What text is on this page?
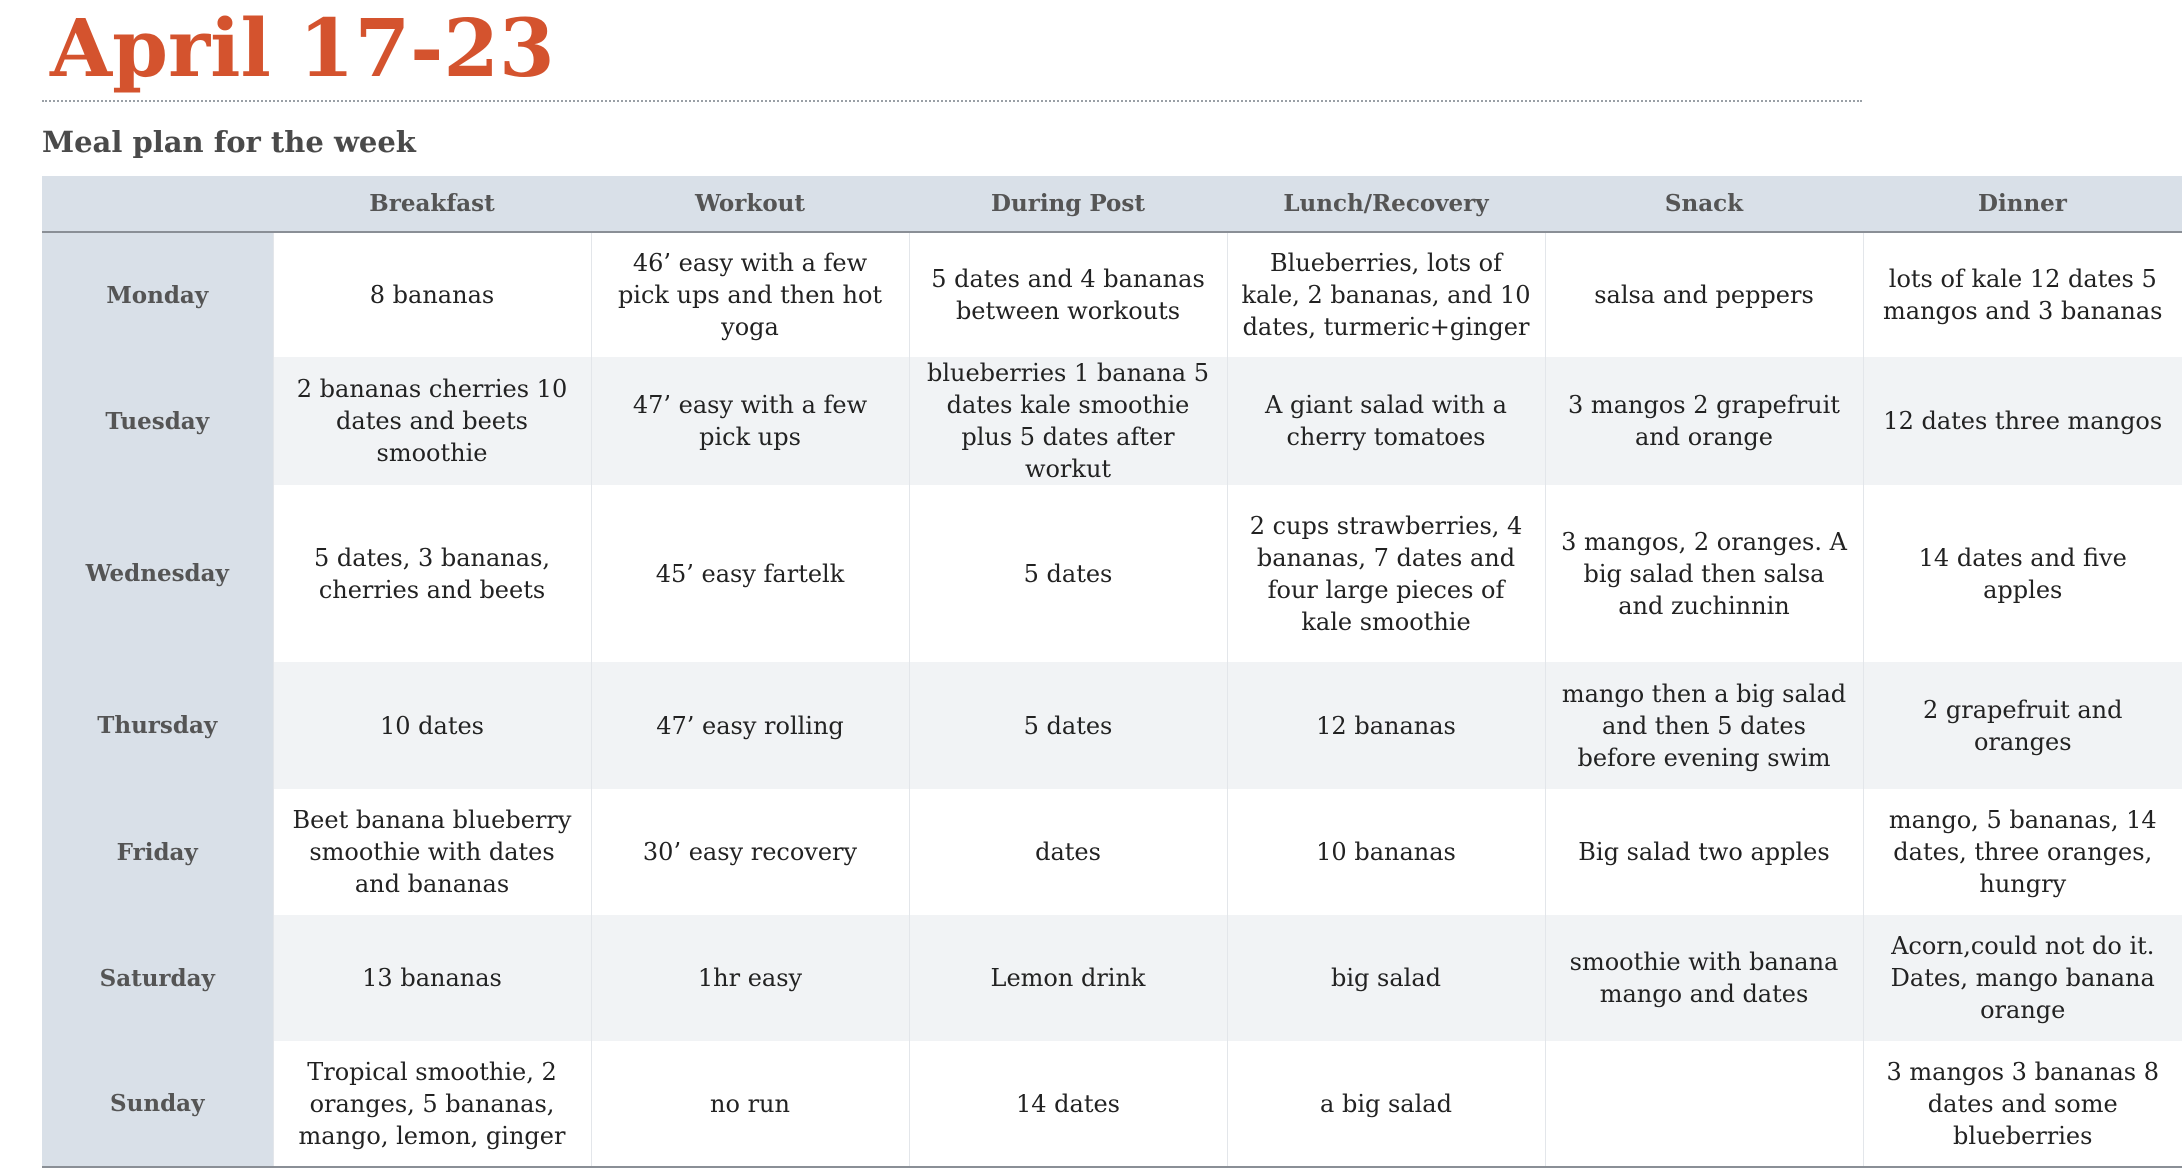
April 17-23
Meal plan for the week
	Breakfast	Workout	During Post	Lunch/Recovery	Snack	Dinner
Monday	8 bananas	46’ easy with a few pick ups and then hot yoga	5 dates and 4 bananas between workouts	Blueberries, lots of kale, 2 bananas, and 10 dates, turmeric+ginger	salsa and peppers	lots of kale 12 dates 5 mangos and 3 bananas
Tuesday	2 bananas cherries 10 dates and beets smoothie	47’ easy with a few pick ups	blueberries 1 banana 5 dates kale smoothie plus 5 dates after workut	A giant salad with a cherry tomatoes	3 mangos 2 grapefruit and orange	12 dates three mangos
Wednesday	5 dates, 3 bananas, cherries and beets	45’ easy fartelk	5 dates	2 cups strawberries, 4 bananas, 7 dates and four large pieces of kale smoothie	3 mangos, 2 oranges. A big salad then salsa and zuchinnin	14 dates and five apples
Thursday	10 dates	47’ easy rolling	5 dates	12 bananas	mango then a big salad and then 5 dates before evening swim	2 grapefruit and oranges
Friday	Beet banana blueberry smoothie with dates and bananas	30’ easy recovery	dates	10 bananas	Big salad two apples	mango, 5 bananas, 14 dates, three oranges, hungry
Saturday	13 bananas	1hr easy	Lemon drink	big salad	smoothie with banana mango and dates	Acorn,could not do it. Dates, mango banana orange
Sunday	Tropical smoothie, 2 oranges, 5 bananas, mango, lemon, ginger	no run	14 dates	a big salad		3 mangos 3 bananas 8 dates and some blueberries
